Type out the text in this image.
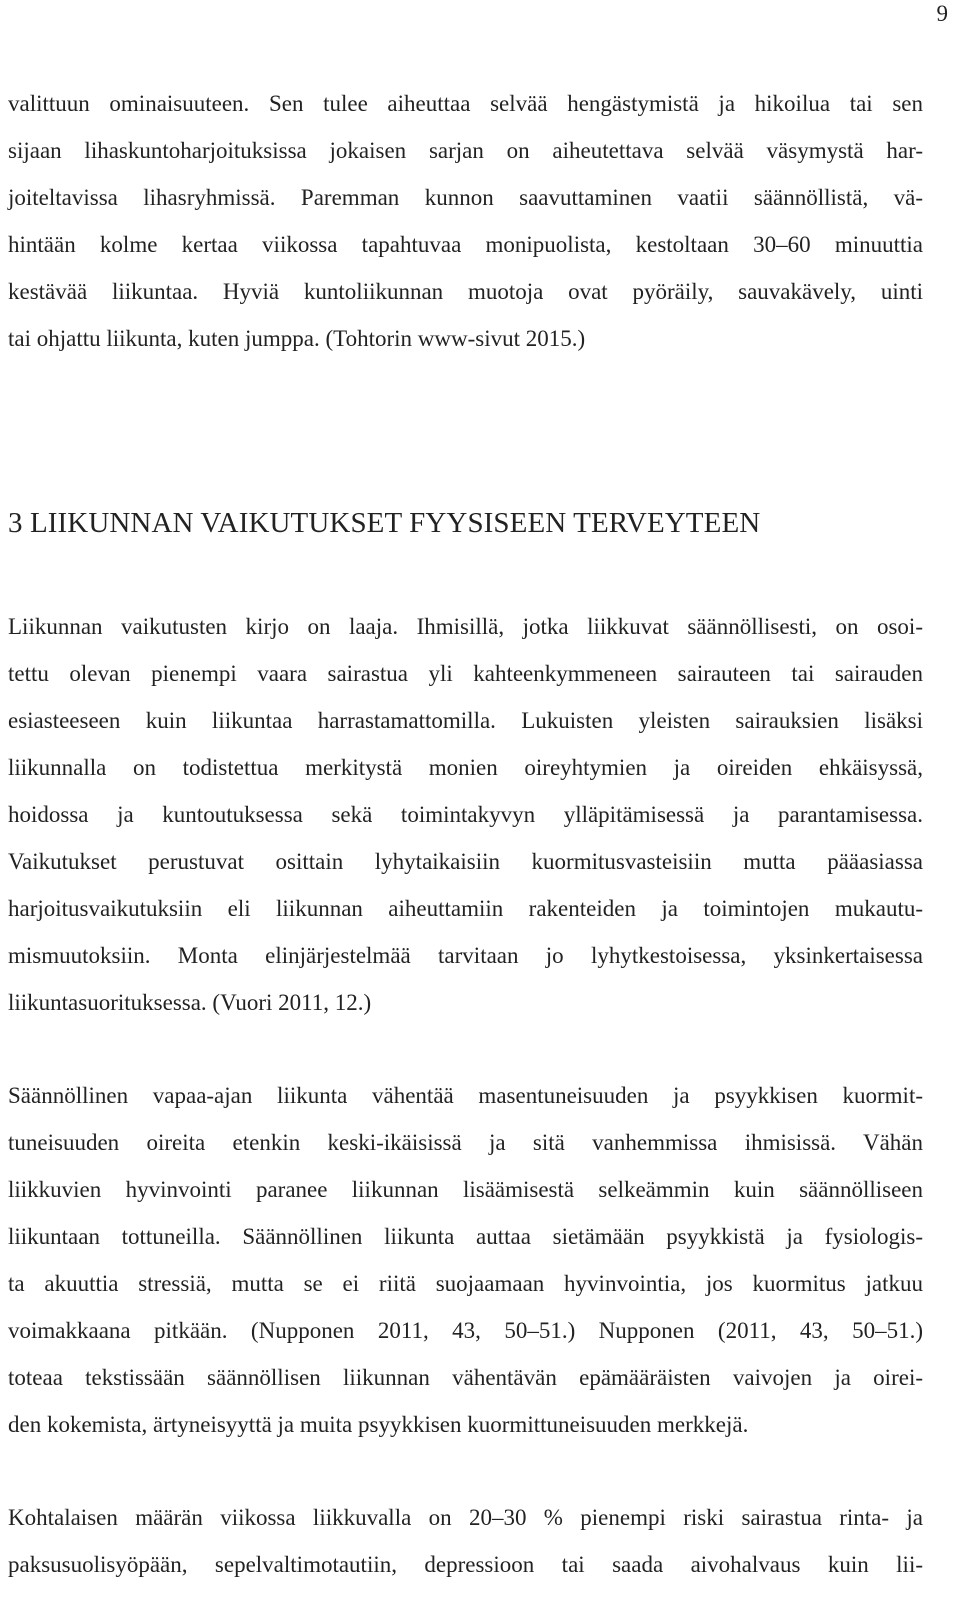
9

valittuun ominaisuuteen. Sen tulee aiheuttaa selvää hengästymistä ja hikoilua tai sen

sijaan lihaskuntoharjoituksissa jokaisen sarjan on aiheutettava selvää väsymystä har-

joiteltavissa lihasryhmissä. Paremman kunnon saavuttaminen vaatii säännöllistä, vä-

hintään kolme kertaa viikossa tapahtuvaa monipuolista, kestoltaan 30–60 minuuttia

kestävää liikuntaa. Hyviä kuntoliikunnan muotoja ovat pyöräily, sauvakävely, uinti

tai ohjattu liikunta, kuten jumppa. (Tohtorin www-sivut 2015.)

3 LIIKUNNAN VAIKUTUKSET FYYSISEEN TERVEYTEEN

Liikunnan vaikutusten kirjo on laaja. Ihmisillä, jotka liikkuvat säännöllisesti, on osoi-

tettu olevan pienempi vaara sairastua yli kahteenkymmeneen sairauteen tai sairauden

esiasteeseen kuin liikuntaa harrastamattomilla. Lukuisten yleisten sairauksien lisäksi

liikunnalla on todistettua merkitystä monien oireyhtymien ja oireiden ehkäisyssä,

hoidossa ja kuntoutuksessa sekä toimintakyvyn ylläpitämisessä ja parantamisessa.

Vaikutukset perustuvat osittain lyhytaikaisiin kuormitusvasteisiin mutta pääasiassa

harjoitusvaikutuksiin eli liikunnan aiheuttamiin rakenteiden ja toimintojen mukautu-

mismuutoksiin. Monta elinjärjestelmää tarvitaan jo lyhytkestoisessa, yksinkertaisessa

liikuntasuorituksessa. (Vuori 2011, 12.)

Säännöllinen vapaa-ajan liikunta vähentää masentuneisuuden ja psyykkisen kuormit-

tuneisuuden oireita etenkin keski-ikäisissä ja sitä vanhemmissa ihmisissä. Vähän

liikkuvien hyvinvointi paranee liikunnan lisäämisestä selkeämmin kuin säännölliseen

liikuntaan tottuneilla. Säännöllinen liikunta auttaa sietämään psyykkistä ja fysiologis-

ta akuuttia stressiä, mutta se ei riitä suojaamaan hyvinvointia, jos kuormitus jatkuu

voimakkaana pitkään. (Nupponen 2011, 43, 50–51.) Nupponen (2011, 43, 50–51.)

toteaa tekstissään säännöllisen liikunnan vähentävän epämääräisten vaivojen ja oirei-

den kokemista, ärtyneisyyttä ja muita psyykkisen kuormittuneisuuden merkkejä.

Kohtalaisen määrän viikossa liikkuvalla on 20–30 % pienempi riski sairastua rinta- ja

paksusuolisyöpään, sepelvaltimotautiin, depressioon tai saada aivohalvaus kuin lii-
